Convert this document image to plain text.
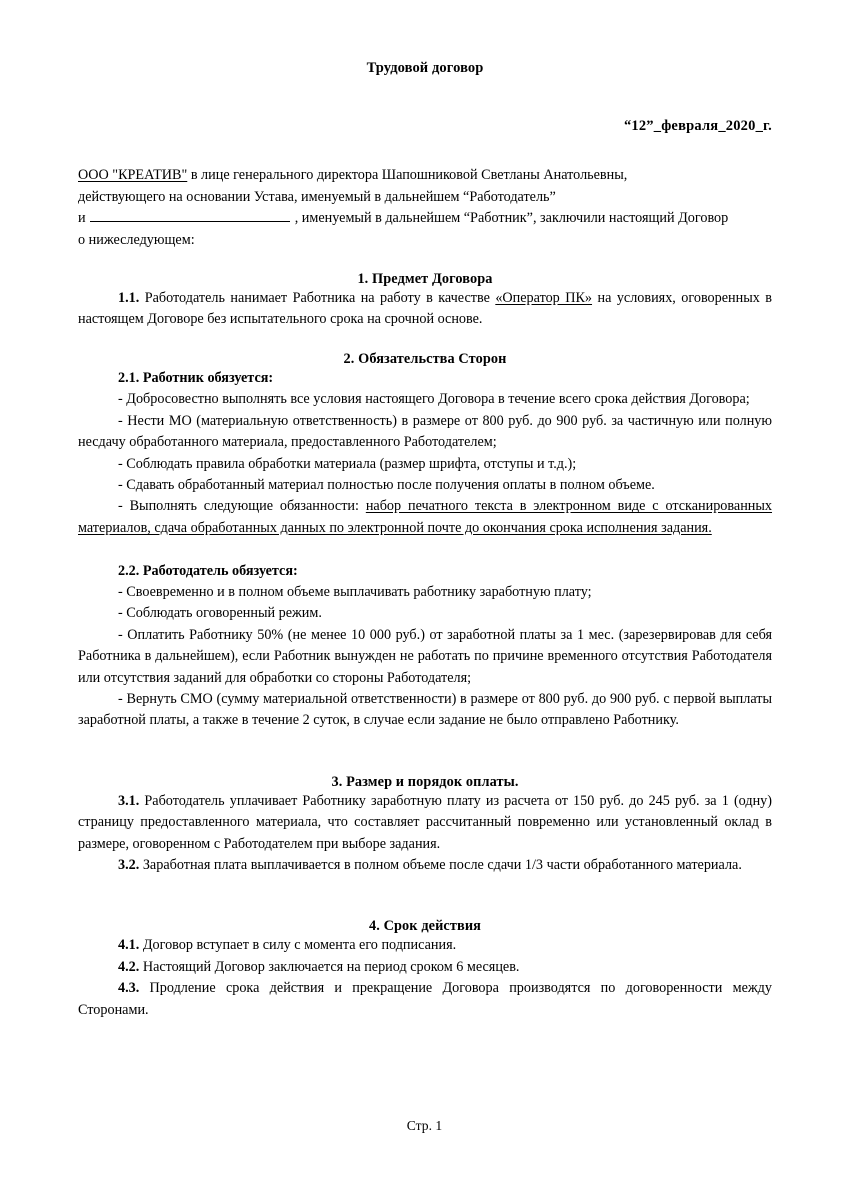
Трудовой договор
“12”_февраля_2020_г.
ООО "КРЕАТИВ" в лице генерального директора Шапошниковой Светланы Анатольевны,
действующего на основании Устава, именуемый в дальнейшем “Работодатель”
и	, именуемый в дальнейшем “Работник”, заключили настоящий Договор
о нижеследующем:
1. Предмет Договора
1.1. Работодатель нанимает Работника на работу в качестве «Оператор ПК» на условиях, оговоренных в настоящем Договоре без испытательного срока на срочной основе.
2. Обязательства Сторон
2.1. Работник обязуется:
- Добросовестно выполнять все условия настоящего Договора в течение всего срока действия Договора;
- Нести МО (материальную ответственность) в размере от 800 руб. до 900 руб. за частичную или полную несдачу обработанного материала, предоставленного Работодателем;
- Соблюдать правила обработки материала (размер шрифта, отступы и т.д.);
- Сдавать обработанный материал полностью после получения оплаты в полном объеме.
- Выполнять следующие обязанности: набор печатного текста в электронном виде с отсканированных материалов, сдача обработанных данных по электронной почте до окончания срока исполнения задания.
2.2. Работодатель обязуется:
- Своевременно и в полном объеме выплачивать работнику заработную плату;
- Соблюдать оговоренный режим.
- Оплатить Работнику 50% (не менее 10 000 руб.) от заработной платы за 1 мес. (зарезервировав для себя Работника в дальнейшем), если Работник вынужден не работать по причине временного отсутствия Работодателя или отсутствия заданий для обработки со стороны Работодателя;
- Вернуть СМО (сумму материальной ответственности) в размере от 800 руб. до 900 руб. с первой выплаты заработной платы, а также в течение 2 суток, в случае если задание не было отправлено Работнику.
3. Размер и порядок оплаты.
3.1. Работодатель уплачивает Работнику заработную плату из расчета от 150 руб. до 245 руб. за 1 (одну) страницу предоставленного материала, что составляет рассчитанный повременно или установленный оклад в размере, оговоренном с Работодателем при выборе задания.
3.2. Заработная плата выплачивается в полном объеме после сдачи 1/3 части обработанного материала.
4. Срок действия
4.1. Договор вступает в силу с момента его подписания.
4.2. Настоящий Договор заключается на период сроком 6 месяцев.
4.3. Продление срока действия и прекращение Договора производятся по договоренности между Сторонами.
Стр. 1
